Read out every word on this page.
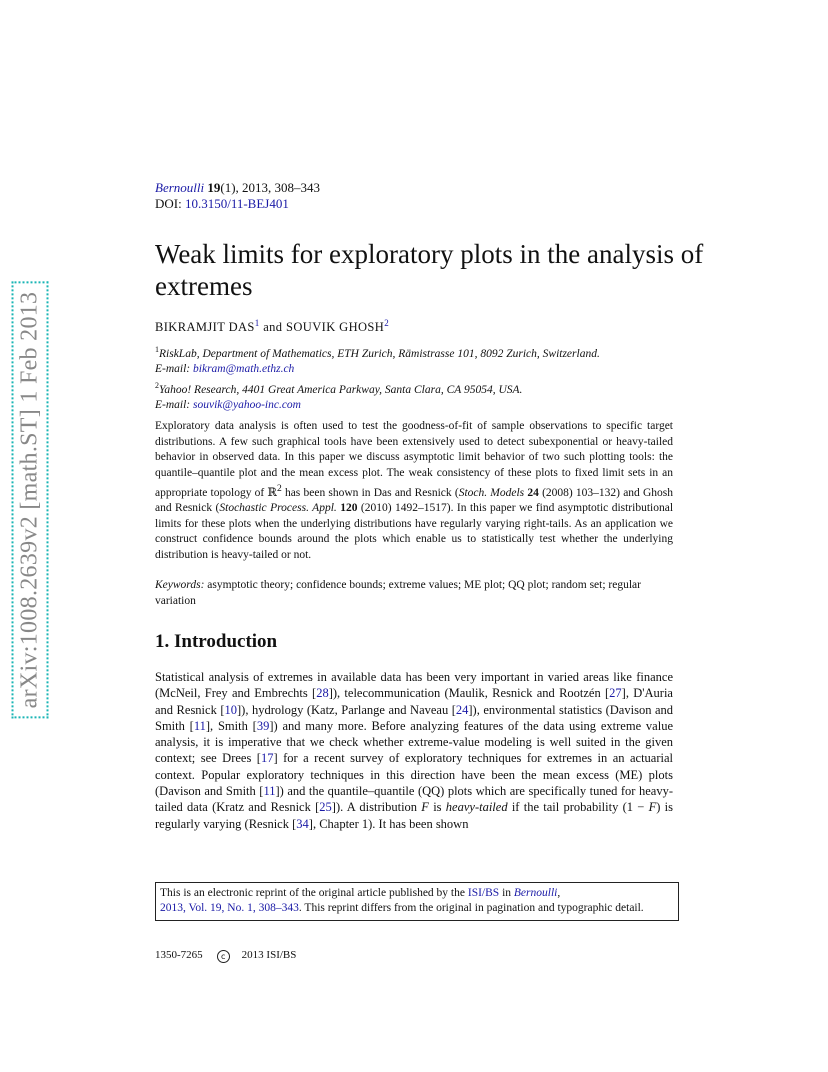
arXiv:1008.2639v2 [math.ST] 1 Feb 2013
Bernoulli 19(1), 2013, 308–343
DOI: 10.3150/11-BEJ401
Weak limits for exploratory plots in the analysis of extremes
BIKRAMJIT DAS$^1$ and SOUVIK GHOSH$^2$
$^1$RiskLab, Department of Mathematics, ETH Zurich, Rämistrasse 101, 8092 Zurich, Switzerland.
E-mail: bikram@math.ethz.ch
$^2$Yahoo! Research, 4401 Great America Parkway, Santa Clara, CA 95054, USA.
E-mail: souvik@yahoo-inc.com

Exploratory data analysis is often used to test the goodness-of-fit of sample observations to specific target distributions. A few such graphical tools have been extensively used to detect subexponential or heavy-tailed behavior in observed data. In this paper we discuss asymptotic limit behavior of two such plotting tools: the quantile–quantile plot and the mean excess plot. The weak consistency of these plots to fixed limit sets in an appropriate topology of ℝ$^2$ has been shown in Das and Resnick (Stoch. Models 24 (2008) 103–132) and Ghosh and Resnick (Stochastic Process. Appl. 120 (2010) 1492–1517). In this paper we find asymptotic distributional limits for these plots when the underlying distributions have regularly varying right-tails. As an application we construct confidence bounds around the plots which enable us to statistically test whether the underlying distribution is heavy-tailed or not.

Keywords: asymptotic theory; confidence bounds; extreme values; ME plot; QQ plot; random set; regular variation

1. Introduction

Statistical analysis of extremes in available data has been very important in varied areas like finance (McNeil, Frey and Embrechts [28]), telecommunication (Maulik, Resnick and Rootzén [27], D'Auria and Resnick [10]), hydrology (Katz, Parlange and Naveau [24]), environmental statistics (Davison and Smith [11], Smith [39]) and many more. Before analyzing features of the data using extreme value analysis, it is imperative that we check whether extreme-value modeling is well suited in the given context; see Drees [17] for a recent survey of exploratory techniques for extremes in an actuarial context. Popular exploratory techniques in this direction have been the mean excess (ME) plots (Davison and Smith [11]) and the quantile–quantile (QQ) plots which are specifically tuned for heavy-tailed data (Kratz and Resnick [25]). A distribution F is heavy-tailed if the tail probability (1 − F) is regularly varying (Resnick [34], Chapter 1). It has been shown

This is an electronic reprint of the original article published by the ISI/BS in Bernoulli,
2013, Vol. 19, No. 1, 308–343. This reprint differs from the original in pagination and typographic detail.
1350-7265 c 2013 ISI/BS
